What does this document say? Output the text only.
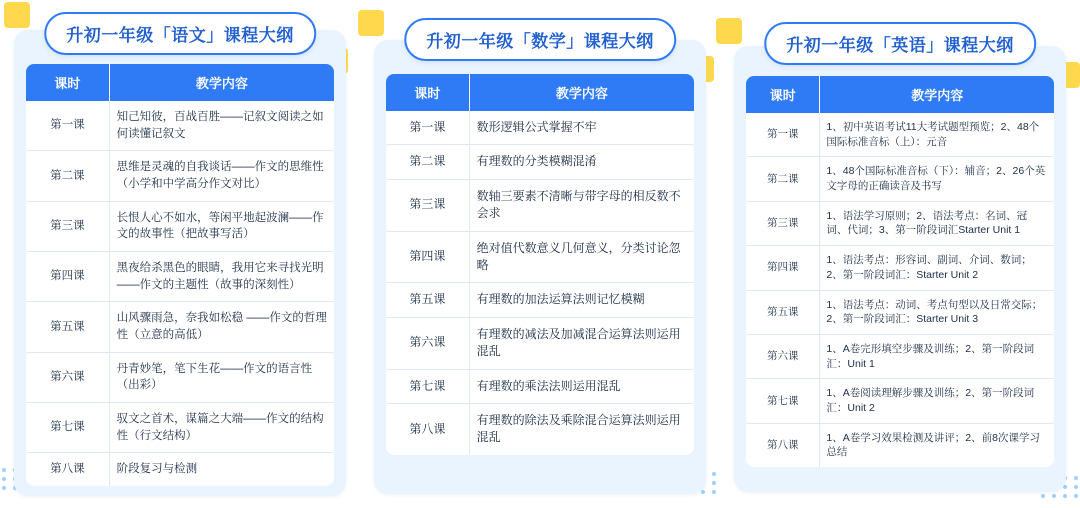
升初一年级「语文」课程大纲
课时	教学内容
第一课	知己知彼，百战百胜——记叙文阅读之如何读懂记叙文
第二课	思维是灵魂的自我谈话——作文的思维性（小学和中学高分作文对比）
第三课	长恨人心不如水，等闲平地起波澜——作文的故事性（把故事写活）
第四课	黑夜给杀黑色的眼睛，我用它来寻找光明——作文的主题性（故事的深刻性）
第五课	山风骤雨急，奈我如松稳 ——作文的哲理性（立意的高低）
第六课	丹青妙笔，笔下生花——作文的语言性（出彩）
第七课	驭文之首术，谋篇之大端——作文的结构性（行文结构）
第八课	阶段复习与检测
升初一年级「数学」课程大纲
课时	教学内容
第一课	数形逻辑公式掌握不牢
第二课	有理数的分类模糊混淆
第三课	数轴三要素不清晰与带字母的相反数不会求
第四课	绝对值代数意义几何意义，分类讨论忽略
第五课	有理数的加法运算法则记忆模糊
第六课	有理数的减法及加减混合运算法则运用混乱
第七课	有理数的乘法法则运用混乱
第八课	有理数的除法及乘除混合运算法则运用混乱
升初一年级「英语」课程大纲
课时	教学内容
第一课	1、初中英语考试11大考试题型预览；2、48个国际标准音标（上）：元音
第二课	1、48个国际标准音标（下）：辅音；2、26个英文字母的正确读音及书写
第三课	1、语法学习原则；2、语法考点：名词、冠词、代词；3、第一阶段词汇Starter Unit 1
第四课	1、语法考点：形容词、副词、介词、数词；2、第一阶段词汇：Starter Unit 2
第五课	1、语法考点：动词、考点句型以及日常交际；2、第一阶段词汇：Starter Unit 3
第六课	1、A卷完形填空步骤及训练；2、第一阶段词汇：Unit 1
第七课	1、A卷阅读理解步骤及训练；2、第一阶段词汇：Unit 2
第八课	1、A卷学习效果检测及讲评；2、前8次课学习总结
